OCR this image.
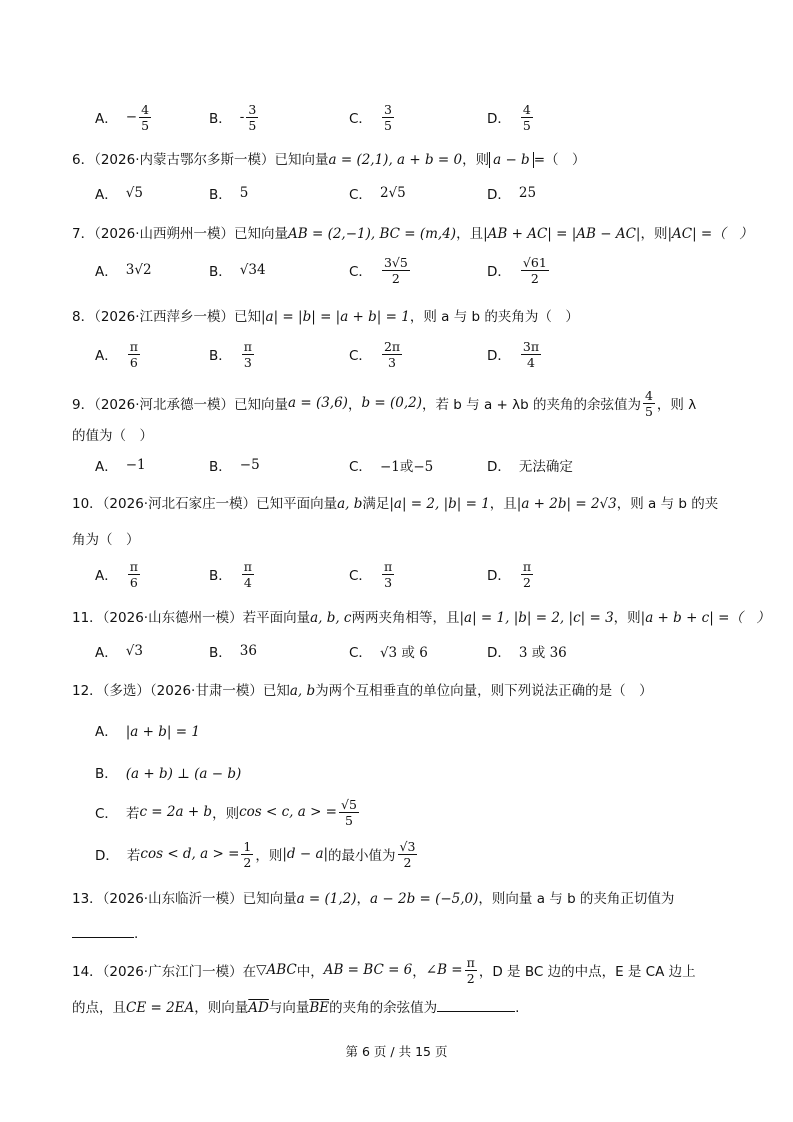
A． − $\frac{4}{5}$	B． - $\frac{3}{5}$	C． $\frac{3}{5}$	D． $\frac{4}{5}$
6．（2026·内蒙古鄂尔多斯一模）已知向量a = (2,1), a + b = 0，则 a − b =（　）
A． √5	B． 5	C． 2√5	D． 25
7．（2026·山西朔州一模）已知向量AB = (2,−1), BC = (m,4)，且|AB + AC| = |AB − AC|，则|AC| =（　）
A． 3√2	B． √34	C． $\frac{3√5}{2}$	D． $\frac{√61}{2}$
8．（2026·江西萍乡一模）已知|a| = |b| = |a + b| = 1，则 a 与 b 的夹角为（　）
A． $\frac{\pi}{6}$	B． $\frac{\pi}{3}$	C． $\frac{2\pi}{3}$	D． $\frac{3\pi}{4}$
9．（2026·河北承德一模）已知向量 a = (3,6) ， b = (0,2) ，若 b 与 a + λb 的夹角的余弦值为 $\frac{4}{5}$ ，则 λ
的值为（　）
A． −1	B． −5	C． −1或−5	D． 无法确定
10．（2026·河北石家庄一模）已知平面向量a, b满足|a| = 2, |b| = 1，且|a + 2b| = 2√3，则 a 与 b 的夹
角为（　）
A． $\frac{\pi}{6}$	B． $\frac{\pi}{4}$	C． $\frac{\pi}{3}$	D． $\frac{\pi}{2}$
11．（2026·山东德州一模）若平面向量a, b, c两两夹角相等，且|a| = 1, |b| = 2, |c| = 3，则|a + b + c| =（　）
A． √3	B． 36	C． √3 或 6	D． 3 或 36
12．（多选）（2026·甘肃一模）已知a, b为两个互相垂直的单位向量，则下列说法正确的是（　）
A． |a + b| = 1
B． (a + b) ⊥ (a − b)
C． 若 c = 2a + b ，则 cos < c, a > = $\frac{√5}{5}$
D． 若 cos < d, a > = $\frac{1}{2}$ ，则 |d − a| 的最小值为 $\frac{√3}{2}$
13．（2026·山东临沂一模）已知向量a = (1,2)，a − 2b = (−5,0)，则向量 a 与 b 的夹角正切值为
.
14．（2026·广东江门一模）在 ▽ABC 中， AB = BC = 6 ， ∠B = $\frac{\pi}{2}$ ，D 是 BC 边的中点，E 是 CA 边上
的点，且CE = 2EA，则向量$\overline{AD}$与向量$\overline{BE}$的夹角的余弦值为	.
第 6 页 / 共 15 页
